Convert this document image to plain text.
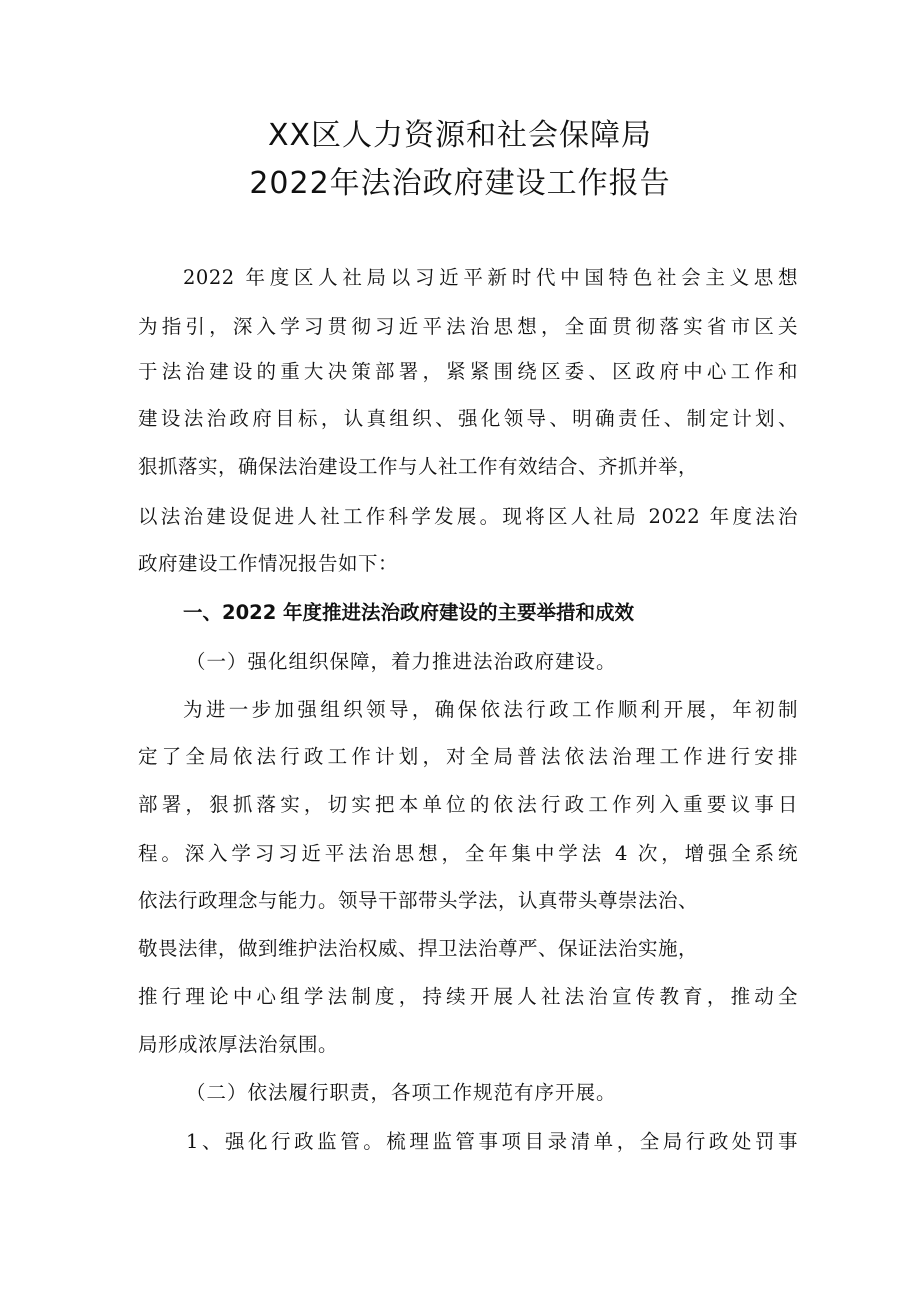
XX区人力资源和社会保障局
2022年法治政府建设工作报告
2022 年度区人社局以习近平新时代中国特色社会主义思想
为指引，深入学习贯彻习近平法治思想，全面贯彻落实省市区关
于法治建设的重大决策部署，紧紧围绕区委、区政府中心工作和
建设法治政府目标，认真组织、强化领导、明确责任、制定计划、
狠抓落实，确保法治建设工作与人社工作有效结合、齐抓并举，
以法治建设促进人社工作科学发展。现将区人社局 2022 年度法治
政府建设工作情况报告如下：
一、2022 年度推进法治政府建设的主要举措和成效
（一）强化组织保障，着力推进法治政府建设。
为进一步加强组织领导，确保依法行政工作顺利开展，年初制
定了全局依法行政工作计划，对全局普法依法治理工作进行安排
部署，狠抓落实，切实把本单位的依法行政工作列入重要议事日
程。深入学习习近平法治思想，全年集中学法 4 次，增强全系统
依法行政理念与能力。领导干部带头学法，认真带头尊崇法治、
敬畏法律，做到维护法治权威、捍卫法治尊严、保证法治实施，
推行理论中心组学法制度，持续开展人社法治宣传教育，推动全
局形成浓厚法治氛围。
（二）依法履行职责，各项工作规范有序开展。
1、强化行政监管。梳理监管事项目录清单，全局行政处罚事
